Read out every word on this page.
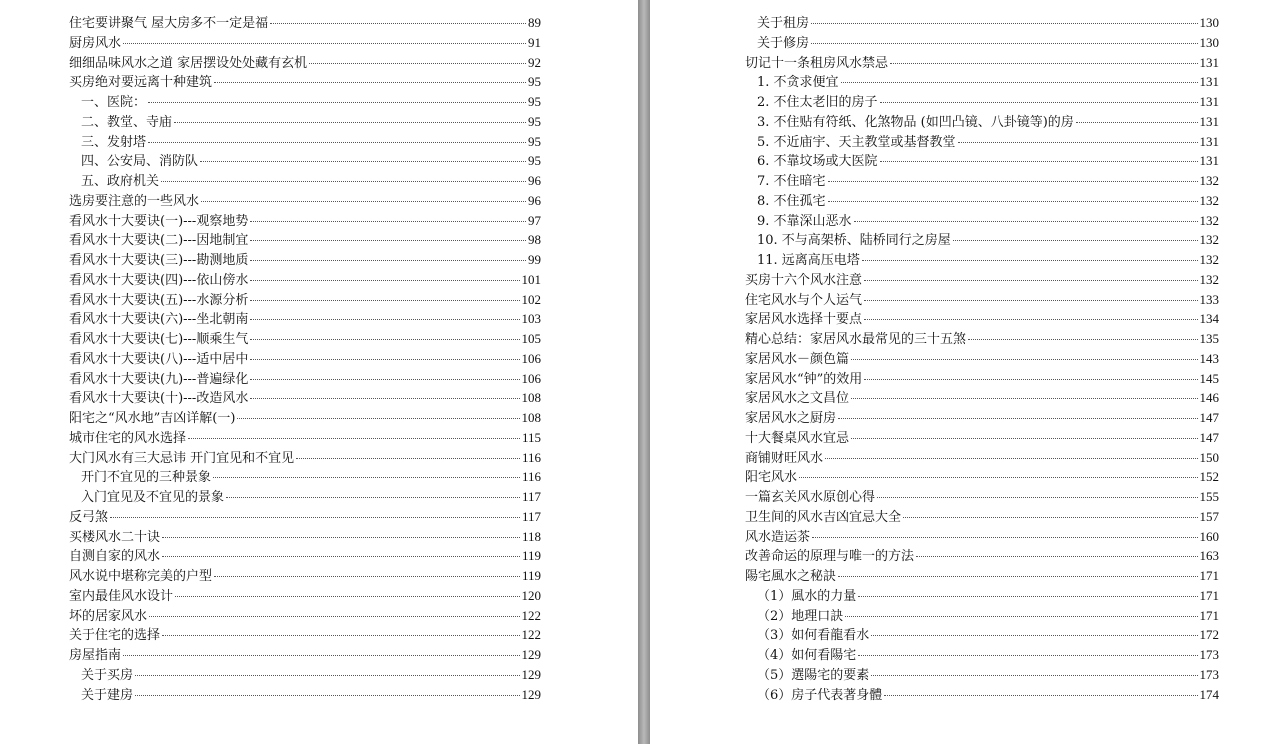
住宅要讲聚气 屋大房多不一定是福	89
厨房风水	91
细细品味风水之道 家居摆设处处藏有玄机	92
买房绝对要远离十种建筑	95
一、医院：	95
二、教堂、寺庙	95
三、发射塔	95
四、公安局、消防队	95
五、政府机关	96
选房要注意的一些风水	96
看风水十大要诀(一)---观察地势	97
看风水十大要诀(二)---因地制宜	98
看风水十大要诀(三)---勘测地质	99
看风水十大要诀(四)---依山傍水	101
看风水十大要诀(五)---水源分析	102
看风水十大要诀(六)---坐北朝南	103
看风水十大要诀(七)---顺乘生气	105
看风水十大要诀(八)---适中居中	106
看风水十大要诀(九)---普遍绿化	106
看风水十大要诀(十)---改造风水	108
阳宅之“风水地”吉凶详解(一)	108
城市住宅的风水选择	115
大门风水有三大忌讳 开门宜见和不宜见	116
开门不宜见的三种景象	116
入门宜见及不宜见的景象	117
反弓煞	117
买楼风水二十诀	118
自测自家的风水	119
风水说中堪称完美的户型	119
室内最佳风水设计	120
坏的居家风水	122
关于住宅的选择	122
房屋指南	129
关于买房	129
关于建房	129
关于租房	130
关于修房	130
切记十一条租房风水禁忌	131
1. 不贪求便宜	131
2. 不住太老旧的房子	131
3. 不住贴有符纸、化煞物品 (如凹凸镜、八卦镜等)的房	131
5. 不近庙宇、天主教堂或基督教堂	131
6. 不靠坟场或大医院	131
7. 不住暗宅	132
8. 不住孤宅	132
9. 不靠深山恶水	132
10. 不与高架桥、陆桥同行之房屋	132
11. 远离高压电塔	132
买房十六个风水注意	132
住宅风水与个人运气	133
家居风水选择十要点	134
精心总结：家居风水最常见的三十五煞	135
家居风水－颜色篇	143
家居风水“钟”的效用	145
家居风水之文昌位	146
家居风水之厨房	147
十大餐桌风水宜忌	147
商铺财旺风水	150
阳宅风水	152
一篇玄关风水原创心得	155
卫生间的风水吉凶宜忌大全	157
风水造运茶	160
改善命运的原理与唯一的方法	163
陽宅風水之秘訣	171
（1）風水的力量	171
（2）地理口訣	171
（3）如何看龍看水	172
（4）如何看陽宅	173
（5）選陽宅的要素	173
（6）房子代表著身體	174
